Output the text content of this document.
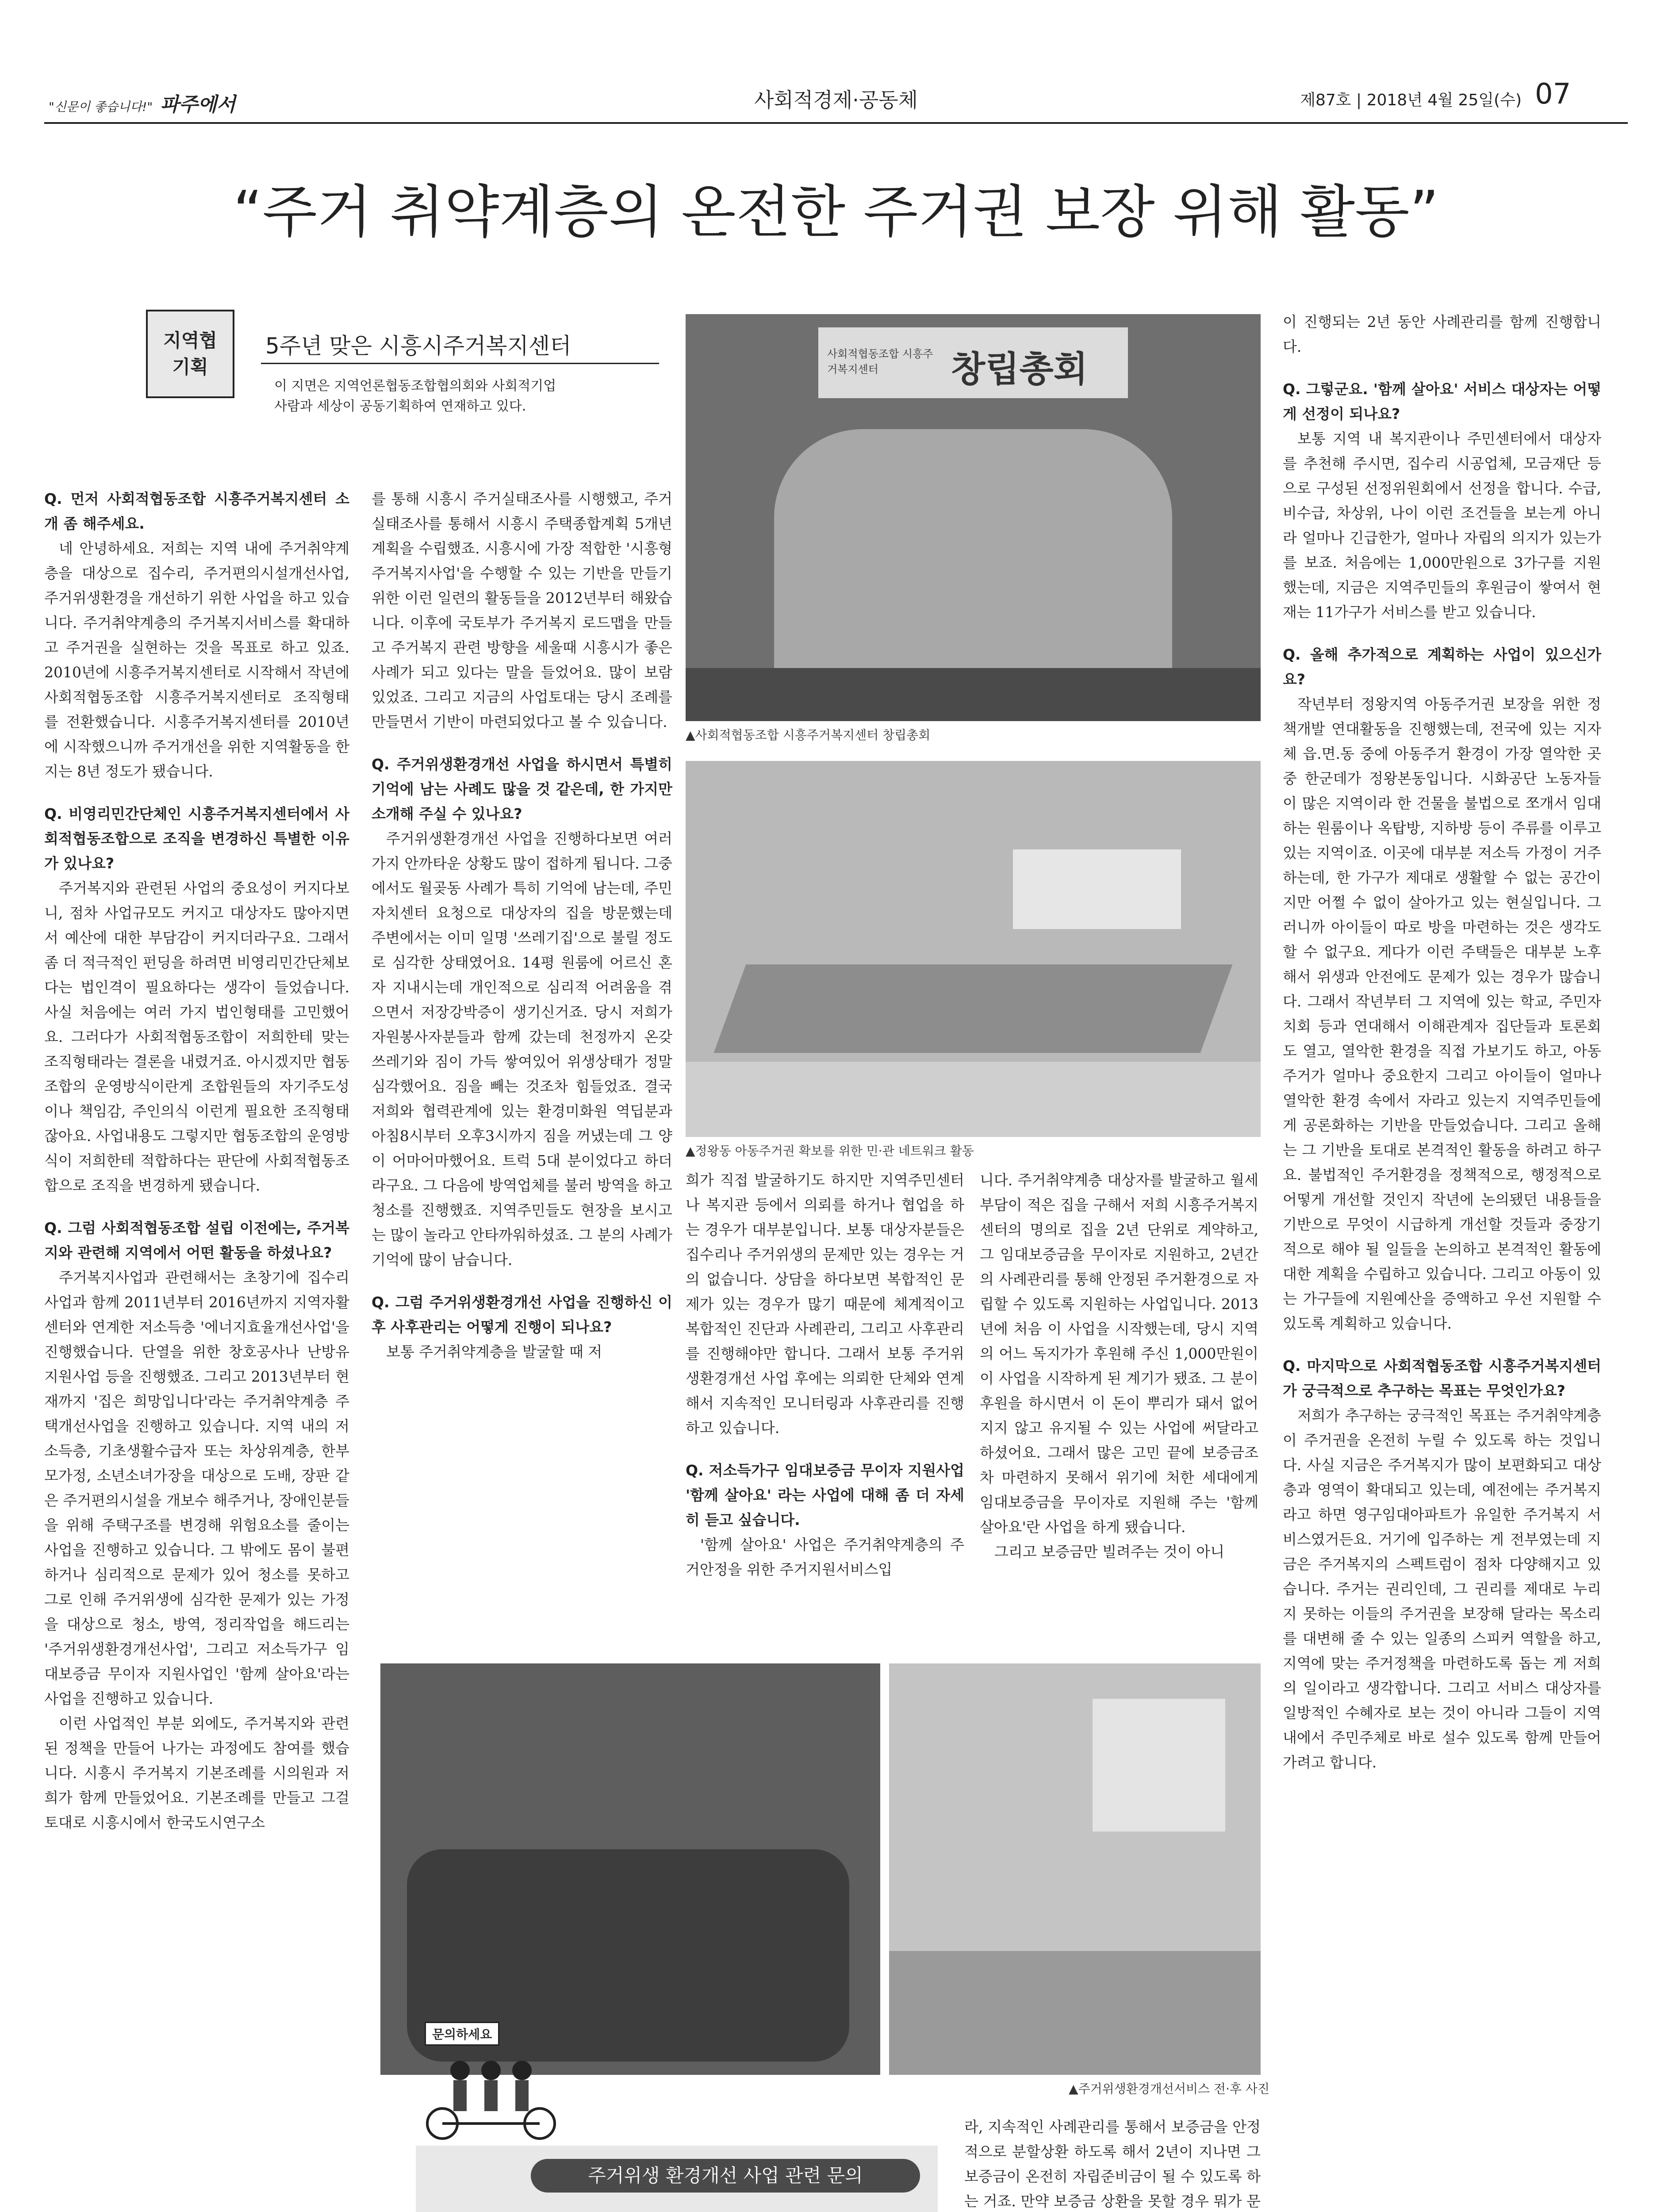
"신문이 좋습니다!" 파주에서	사회적경제·공동체	제87호 | 2018년 4월 25일(수) 07
“주거 취약계층의 온전한 주거권 보장 위해 활동”
지역협
기획
5주년 맞은 시흥시주거복지센터
이 지면은 지역언론협동조합협의회와 사회적기업
사람과 세상이 공동기획하여 연재하고 있다.
사회적협동조합 시흥주거복지센터	창립총회
▲사회적협동조합 시흥주거복지센터 창립총회
▲정왕동 아동주거권 확보를 위한 민·관 네트워크 활동
▲주거위생환경개선서비스 전·후 사진
문의하세요
주거위생 환경개선 사업 관련 문의

Q. 먼저 사회적협동조합 시흥주거복지센터 소개 좀 해주세요.

네 안녕하세요. 저희는 지역 내에 주거취약계층을 대상으로 집수리, 주거편의시설개선사업, 주거위생환경을 개선하기 위한 사업을 하고 있습니다. 주거취약계층의 주거복지서비스를 확대하고 주거권을 실현하는 것을 목표로 하고 있죠. 2010년에 시흥주거복지센터로 시작해서 작년에 사회적협동조합 시흥주거복지센터로 조직형태를 전환했습니다. 시흥주거복지센터를 2010년에 시작했으니까 주거개선을 위한 지역활동을 한 지는 8년 정도가 됐습니다.

Q. 비영리민간단체인 시흥주거복지센터에서 사회적협동조합으로 조직을 변경하신 특별한 이유가 있나요?

주거복지와 관련된 사업의 중요성이 커지다보니, 점차 사업규모도 커지고 대상자도 많아지면서 예산에 대한 부담감이 커지더라구요. 그래서 좀 더 적극적인 펀딩을 하려면 비영리민간단체보다는 법인격이 필요하다는 생각이 들었습니다. 사실 처음에는 여러 가지 법인형태를 고민했어요. 그러다가 사회적협동조합이 저희한테 맞는 조직형태라는 결론을 내렸거죠. 아시겠지만 협동조합의 운영방식이란게 조합원들의 자기주도성이나 책임감, 주인의식 이런게 필요한 조직형태잖아요. 사업내용도 그렇지만 협동조합의 운영방식이 저희한테 적합하다는 판단에 사회적협동조합으로 조직을 변경하게 됐습니다.

Q. 그럼 사회적협동조합 설립 이전에는, 주거복지와 관련해 지역에서 어떤 활동을 하셨나요?

주거복지사업과 관련해서는 초창기에 집수리 사업과 함께 2011년부터 2016년까지 지역자활센터와 연계한 저소득층 '에너지효율개선사업'을 진행했습니다. 단열을 위한 창호공사나 난방유 지원사업 등을 진행했죠. 그리고 2013년부터 현재까지 '집은 희망입니다'라는 주거취약계층 주택개선사업을 진행하고 있습니다. 지역 내의 저소득층, 기초생활수급자 또는 차상위계층, 한부모가정, 소년소녀가장을 대상으로 도배, 장판 같은 주거편의시설을 개보수 해주거나, 장애인분들을 위해 주택구조를 변경해 위험요소를 줄이는 사업을 진행하고 있습니다. 그 밖에도 몸이 불편하거나 심리적으로 문제가 있어 청소를 못하고 그로 인해 주거위생에 심각한 문제가 있는 가정을 대상으로 청소, 방역, 정리작업을 해드리는 '주거위생환경개선사업', 그리고 저소득가구 임대보증금 무이자 지원사업인 '함께 살아요'라는 사업을 진행하고 있습니다.

이런 사업적인 부분 외에도, 주거복지와 관련된 정책을 만들어 나가는 과정에도 참여를 했습니다. 시흥시 주거복지 기본조례를 시의원과 저희가 함께 만들었어요. 기본조례를 만들고 그걸 토대로 시흥시에서 한국도시연구소

를 통해 시흥시 주거실태조사를 시행했고, 주거실태조사를 통해서 시흥시 주택종합계획 5개년 계획을 수립했죠. 시흥시에 가장 적합한 '시흥형 주거복지사업'을 수행할 수 있는 기반을 만들기 위한 이런 일련의 활동들을 2012년부터 해왔습니다. 이후에 국토부가 주거복지 로드맵을 만들고 주거복지 관련 방향을 세울때 시흥시가 좋은 사례가 되고 있다는 말을 들었어요. 많이 보람 있었죠. 그리고 지금의 사업토대는 당시 조례를 만들면서 기반이 마련되었다고 볼 수 있습니다.

Q. 주거위생환경개선 사업을 하시면서 특별히 기억에 남는 사례도 많을 것 같은데, 한 가지만 소개해 주실 수 있나요?

주거위생환경개선 사업을 진행하다보면 여러 가지 안까타운 상황도 많이 접하게 됩니다. 그중에서도 월곶동 사례가 특히 기억에 남는데, 주민자치센터 요청으로 대상자의 집을 방문했는데 주변에서는 이미 일명 '쓰레기집'으로 불릴 정도로 심각한 상태였어요. 14평 원룸에 어르신 혼자 지내시는데 개인적으로 심리적 어려움을 겪으면서 저장강박증이 생기신거죠. 당시 저희가 자원봉사자분들과 함께 갔는데 천정까지 온갖 쓰레기와 짐이 가득 쌓여있어 위생상태가 정말 심각했어요. 짐을 빼는 것조차 힘들었죠. 결국 저희와 협력관계에 있는 환경미화원 역딥분과 아침8시부터 오후3시까지 짐을 꺼냈는데 그 양이 어마어마했어요. 트럭 5대 분이었다고 하더라구요. 그 다음에 방역업체를 불러 방역을 하고 청소를 진행했죠. 지역주민들도 현장을 보시고는 많이 놀라고 안타까워하셨죠. 그 분의 사례가 기억에 많이 남습니다.

Q. 그럼 주거위생환경개선 사업을 진행하신 이후 사후관리는 어떻게 진행이 되나요?

보통 주거취약계층을 발굴할 때 저

희가 직접 발굴하기도 하지만 지역주민센터나 복지관 등에서 의뢰를 하거나 협업을 하는 경우가 대부분입니다. 보통 대상자분들은 집수리나 주거위생의 문제만 있는 경우는 거의 없습니다. 상담을 하다보면 복합적인 문제가 있는 경우가 많기 때문에 체계적이고 복합적인 진단과 사례관리, 그리고 사후관리를 진행해야만 합니다. 그래서 보통 주거위생환경개선 사업 후에는 의뢰한 단체와 연계해서 지속적인 모니터링과 사후관리를 진행하고 있습니다.

Q. 저소득가구 임대보증금 무이자 지원사업 '함께 살아요' 라는 사업에 대해 좀 더 자세히 듣고 싶습니다.

'함께 살아요' 사업은 주거취약계층의 주거안정을 위한 주거지원서비스입

니다. 주거취약계층 대상자를 발굴하고 월세 부담이 적은 집을 구해서 저희 시흥주거복지센터의 명의로 집을 2년 단위로 계약하고, 그 임대보증금을 무이자로 지원하고, 2년간의 사례관리를 통해 안정된 주거환경으로 자립할 수 있도록 지원하는 사업입니다. 2013년에 처음 이 사업을 시작했는데, 당시 지역의 어느 독지가가 후원해 주신 1,000만원이 이 사업을 시작하게 된 계기가 됐죠. 그 분이 후원을 하시면서 이 돈이 뿌리가 돼서 없어지지 않고 유지될 수 있는 사업에 써달라고 하셨어요. 그래서 많은 고민 끝에 보증금조차 마련하지 못해서 위기에 처한 세대에게 임대보증금을 무이자로 지원해 주는 '함께 살아요'란 사업을 하게 됐습니다.

그리고 보증금만 빌려주는 것이 아니

라, 지속적인 사례관리를 통해서 보증금을 안정적으로 분할상환 하도록 해서 2년이 지나면 그 보증금이 온전히 자립준비금이 될 수 있도록 하는 거죠. 만약 보증금 상환을 못할 경우 뭐가 문

이 진행되는 2년 동안 사례관리를 함께 진행합니다.

Q. 그렇군요. '함께 살아요' 서비스 대상자는 어떻게 선정이 되나요?

보통 지역 내 복지관이나 주민센터에서 대상자를 추천해 주시면, 집수리 시공업체, 모금재단 등으로 구성된 선정위원회에서 선정을 합니다. 수급, 비수급, 차상위, 나이 이런 조건들을 보는게 아니라 얼마나 긴급한가, 얼마나 자립의 의지가 있는가를 보죠. 처음에는 1,000만원으로 3가구를 지원했는데, 지금은 지역주민들의 후원금이 쌓여서 현재는 11가구가 서비스를 받고 있습니다.

Q. 올해 추가적으로 계획하는 사업이 있으신가요?

작년부터 정왕지역 아동주거권 보장을 위한 정책개발 연대활동을 진행했는데, 전국에 있는 지자체 읍.면.동 중에 아동주거 환경이 가장 열악한 곳 중 한군데가 정왕본동입니다. 시화공단 노동자들이 많은 지역이라 한 건물을 불법으로 쪼개서 임대하는 원룸이나 옥탑방, 지하방 등이 주류를 이루고 있는 지역이죠. 이곳에 대부분 저소득 가정이 거주하는데, 한 가구가 제대로 생활할 수 없는 공간이지만 어쩔 수 없이 살아가고 있는 현실입니다. 그러니까 아이들이 따로 방을 마련하는 것은 생각도 할 수 없구요. 게다가 이런 주택들은 대부분 노후해서 위생과 안전에도 문제가 있는 경우가 많습니다. 그래서 작년부터 그 지역에 있는 학교, 주민자치회 등과 연대해서 이해관계자 집단들과 토론회도 열고, 열악한 환경을 직접 가보기도 하고, 아동주거가 얼마나 중요한지 그리고 아이들이 얼마나 열악한 환경 속에서 자라고 있는지 지역주민들에게 공론화하는 기반을 만들었습니다. 그리고 올해는 그 기반을 토대로 본격적인 활동을 하려고 하구요. 불법적인 주거환경을 정책적으로, 행정적으로 어떻게 개선할 것인지 작년에 논의됐던 내용들을 기반으로 무엇이 시급하게 개선할 것들과 중장기적으로 해야 될 일들을 논의하고 본격적인 활동에 대한 계획을 수립하고 있습니다. 그리고 아동이 있는 가구들에 지원예산을 증액하고 우선 지원할 수 있도록 계획하고 있습니다.

Q. 마지막으로 사회적협동조합 시흥주거복지센터가 궁극적으로 추구하는 목표는 무엇인가요?

저희가 추구하는 궁극적인 목표는 주거취약계층이 주거권을 온전히 누릴 수 있도록 하는 것입니다. 사실 지금은 주거복지가 많이 보편화되고 대상층과 영역이 확대되고 있는데, 예전에는 주거복지라고 하면 영구임대아파트가 유일한 주거복지 서비스였거든요. 거기에 입주하는 게 전부였는데 지금은 주거복지의 스펙트럼이 점차 다양해지고 있습니다. 주거는 권리인데, 그 권리를 제대로 누리지 못하는 이들의 주거권을 보장해 달라는 목소리를 대변해 줄 수 있는 일종의 스피커 역할을 하고, 지역에 맞는 주거정책을 마련하도록 돕는 게 저희의 일이라고 생각합니다. 그리고 서비스 대상자를 일방적인 수혜자로 보는 것이 아니라 그들이 지역 내에서 주민주체로 바로 설수 있도록 함께 만들어 가려고 합니다.
